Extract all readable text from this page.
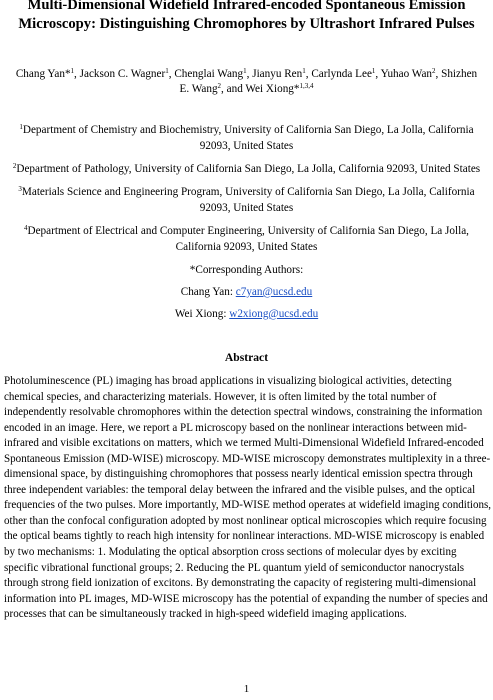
Multi-Dimensional Widefield Infrared-encoded Spontaneous Emission
Microscopy: Distinguishing Chromophores by Ultrashort Infrared Pulses
Chang Yan*$^1$, Jackson C. Wagner$^1$, Chenglai Wang$^1$, Jianyu Ren$^1$, Carlynda Lee$^1$, Yuhao Wan$^2$, Shizhen E. Wang$^2$, and Wei Xiong*$^{1,3,4}$
$^1$Department of Chemistry and Biochemistry, University of California San Diego, La Jolla, California 92093, United States
$^2$Department of Pathology, University of California San Diego, La Jolla, California 92093, United States
$^3$Materials Science and Engineering Program, University of California San Diego, La Jolla, California 92093, United States
$^4$Department of Electrical and Computer Engineering, University of California San Diego, La Jolla, California 92093, United States
*Corresponding Authors:
Chang Yan: c7yan@ucsd.edu
Wei Xiong: w2xiong@ucsd.edu
Abstract
Photoluminescence (PL) imaging has broad applications in visualizing biological activities, detecting chemical species, and characterizing materials. However, it is often limited by the total number of independently resolvable chromophores within the detection spectral windows, constraining the information encoded in an image. Here, we report a PL microscopy based on the nonlinear interactions between mid-infrared and visible excitations on matters, which we termed Multi-Dimensional Widefield Infrared-encoded Spontaneous Emission (MD-WISE) microscopy. MD-WISE microscopy demonstrates multiplexity in a three-dimensional space, by distinguishing chromophores that possess nearly identical emission spectra through three independent variables: the temporal delay between the infrared and the visible pulses, and the optical frequencies of the two pulses. More importantly, MD-WISE method operates at widefield imaging conditions, other than the confocal configuration adopted by most nonlinear optical microscopies which require focusing the optical beams tightly to reach high intensity for nonlinear interactions. MD-WISE microscopy is enabled by two mechanisms: 1. Modulating the optical absorption cross sections of molecular dyes by exciting specific vibrational functional groups; 2. Reducing the PL quantum yield of semiconductor nanocrystals through strong field ionization of excitons. By demonstrating the capacity of registering multi-dimensional information into PL images, MD-WISE microscopy has the potential of expanding the number of species and processes that can be simultaneously tracked in high-speed widefield imaging applications.
1
